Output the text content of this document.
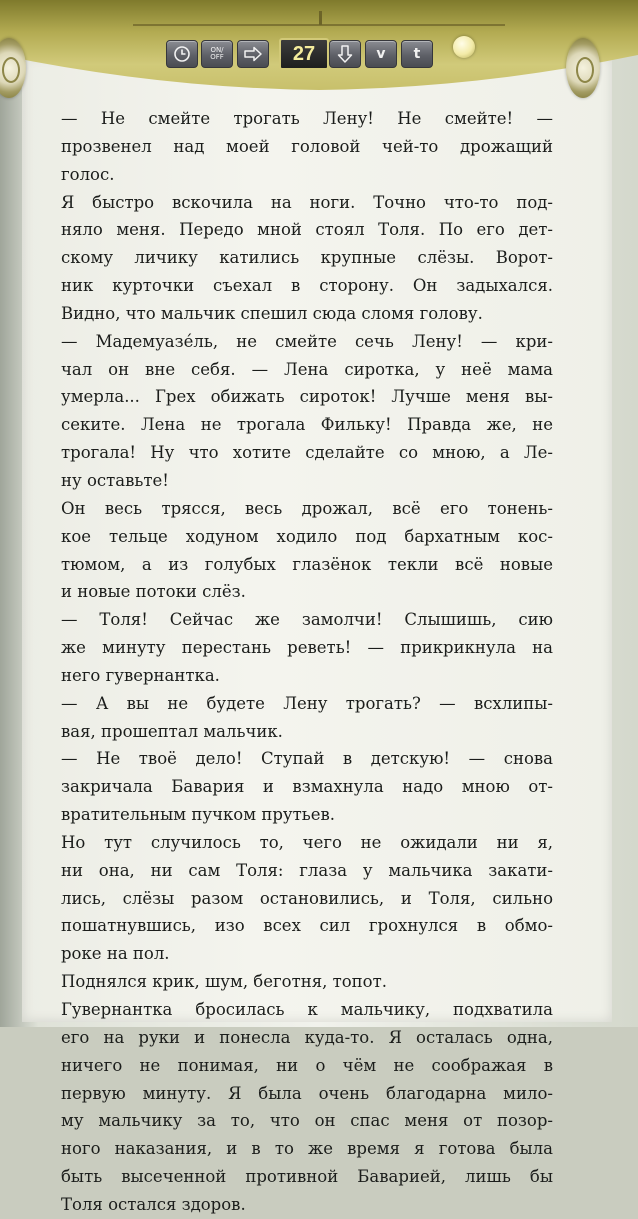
ON/
OFF	27	v	t
— Не смейте трогать Лену! Не смейте! —
прозвенел над моей головой чей-то дрожащий
голос.
Я быстро вскочила на ноги. Точно что-то под-
няло меня. Передо мной стоял Толя. По его дет-
скому личику катились крупные слёзы. Ворот-
ник курточки съехал в сторону. Он задыхался.
Видно, что мальчик спешил сюда сломя голову.
— Мадемуазе́ль, не смейте сечь Лену! — кри-
чал он вне себя. — Лена сиротка, у неё мама
умерла... Грех обижать сироток! Лучше меня вы-
секите. Лена не трогала Фильку! Правда же, не
трогала! Ну что хотите сделайте со мною, а Ле-
ну оставьте!
Он весь трясся, весь дрожал, всё его тонень-
кое тельце ходуном ходило под бархатным кос-
тюмом, а из голубых глазёнок текли всё новые
и новые потоки слёз.
— Толя! Сейчас же замолчи! Слышишь, сию
же минуту перестань реветь! — прикрикнула на
него гувернантка.
— А вы не будете Лену трогать? — всхлипы-
вая, прошептал мальчик.
— Не твоё дело! Ступай в детскую! — снова
закричала Бавария и взмахнула надо мною от-
вратительным пучком прутьев.
Но тут случилось то, чего не ожидали ни я,
ни она, ни сам Толя: глаза у мальчика закати-
лись, слёзы разом остановились, и Толя, сильно
пошатнувшись, изо всех сил грохнулся в обмо-
роке на пол.
Поднялся крик, шум, беготня, топот.
Гувернантка бросилась к мальчику, подхватила
его на руки и понесла куда-то. Я осталась одна,
ничего не понимая, ни о чём не соображая в
первую минуту. Я была очень благодарна мило-
му мальчику за то, что он спас меня от позор-
ного наказания, и в то же время я готова была
быть высеченной противной Баварией, лишь бы
Толя остался здоров.
